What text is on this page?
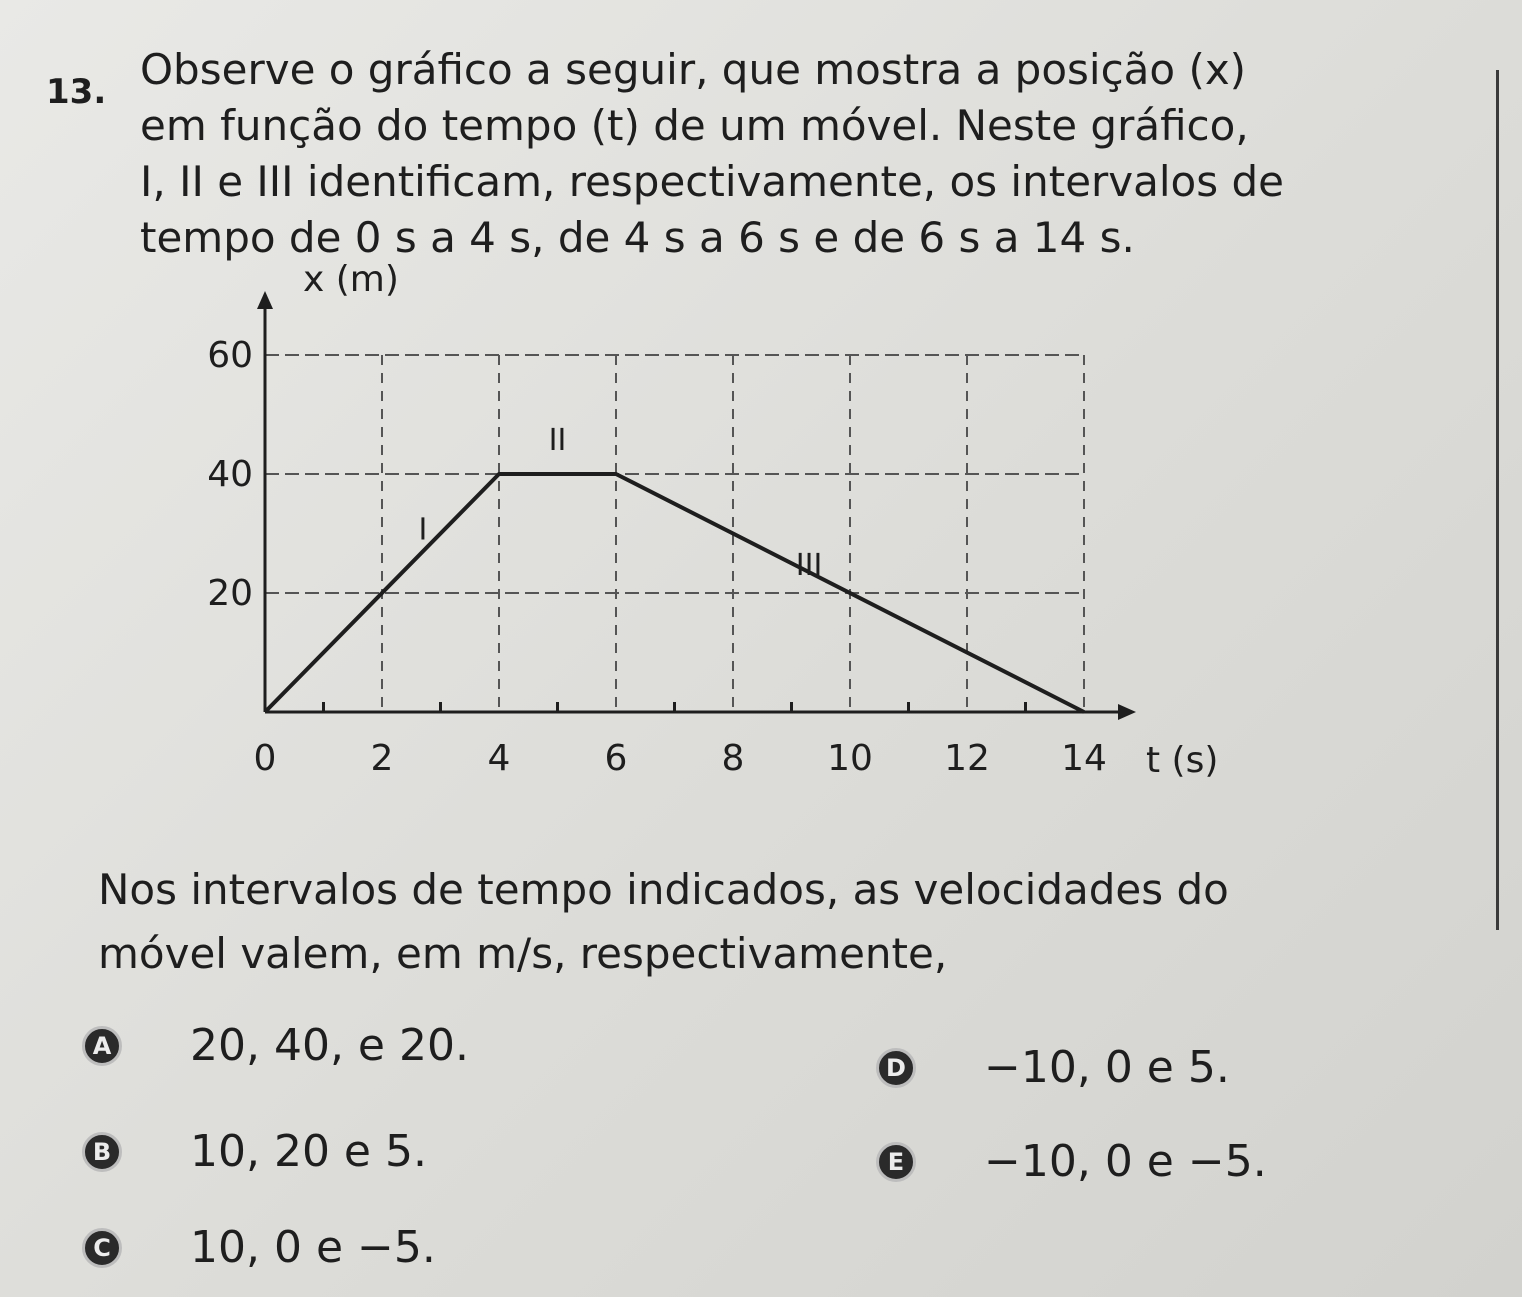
13. Observe o gráfico a seguir, que mostra a posição (x)
em função do tempo (t) de um móvel. Neste gráfico,
I, II e III identificam, respectivamente, os intervalos de
tempo de 0 s a 4 s, de 4 s a 6 s e de 6 s a 14 s.
0	2	4	6	8 10 12 14
20
40
60
x (m)
t (s)
I
II
III
Nos intervalos de tempo indicados, as velocidades do
móvel valem, em m/s, respectivamente,
A 20, 40, e 20.
B 10, 20 e 5.
C 10, 0 e −5.
D −10, 0 e 5.
E −10, 0 e −5.
